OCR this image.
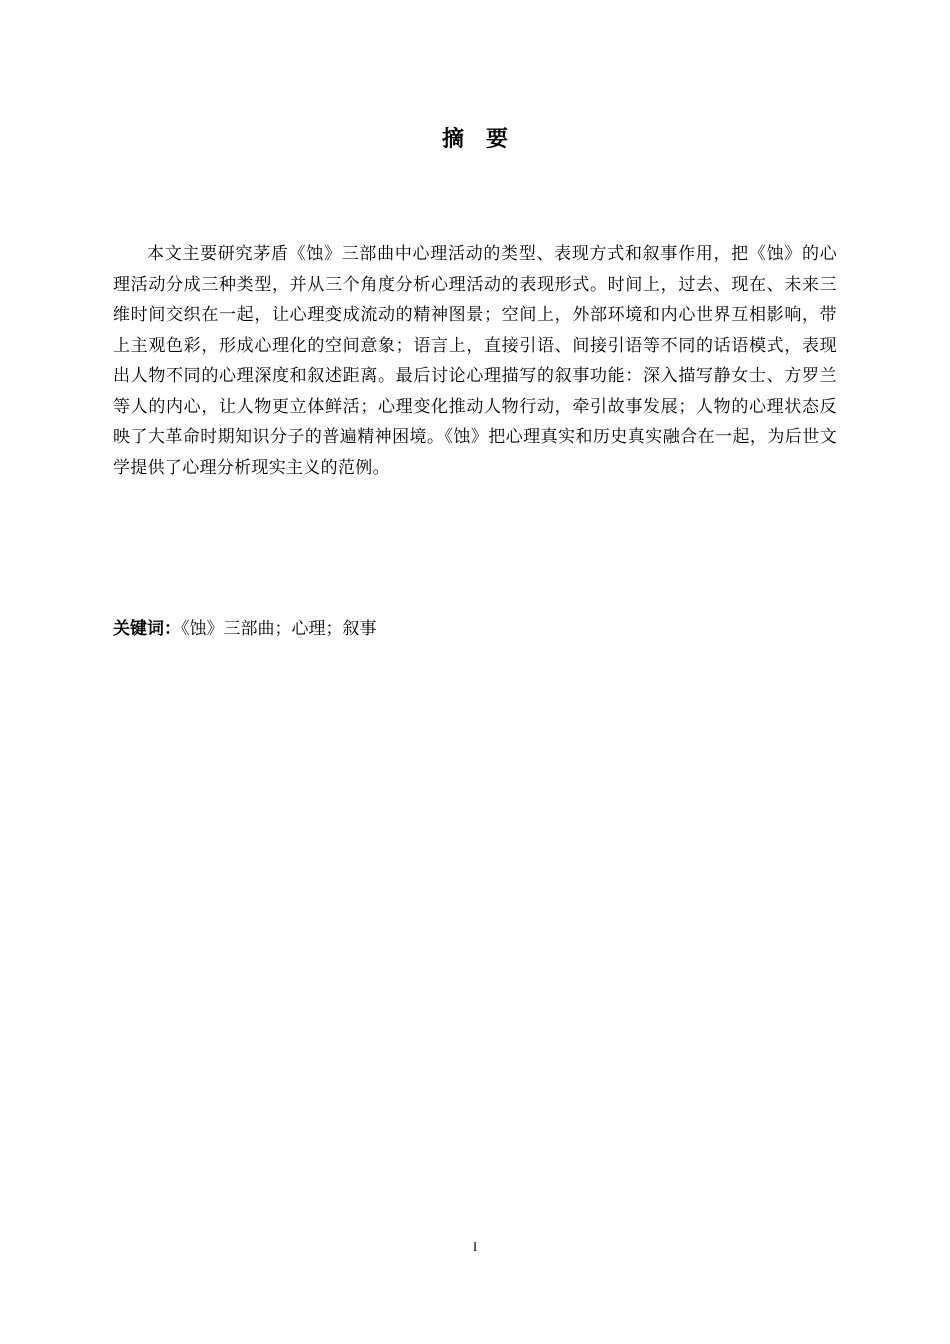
摘要

本文主要研究茅盾《蚀》三部曲中心理活动的类型、表现方式和叙事作用，把《蚀》的心理活动分成三种类型，并从三个角度分析心理活动的表现形式。时间上，过去、现在、未来三维时间交织在一起，让心理变成流动的精神图景；空间上，外部环境和内心世界互相影响，带上主观色彩，形成心理化的空间意象；语言上，直接引语、间接引语等不同的话语模式，表现出人物不同的心理深度和叙述距离。最后讨论心理描写的叙事功能：深入描写静女士、方罗兰等人的内心，让人物更立体鲜活；心理变化推动人物行动，牵引故事发展；人物的心理状态反映了大革命时期知识分子的普遍精神困境。《蚀》把心理真实和历史真实融合在一起，为后世文学提供了心理分析现实主义的范例。

关键词：《蚀》三部曲；心理；叙事
I
